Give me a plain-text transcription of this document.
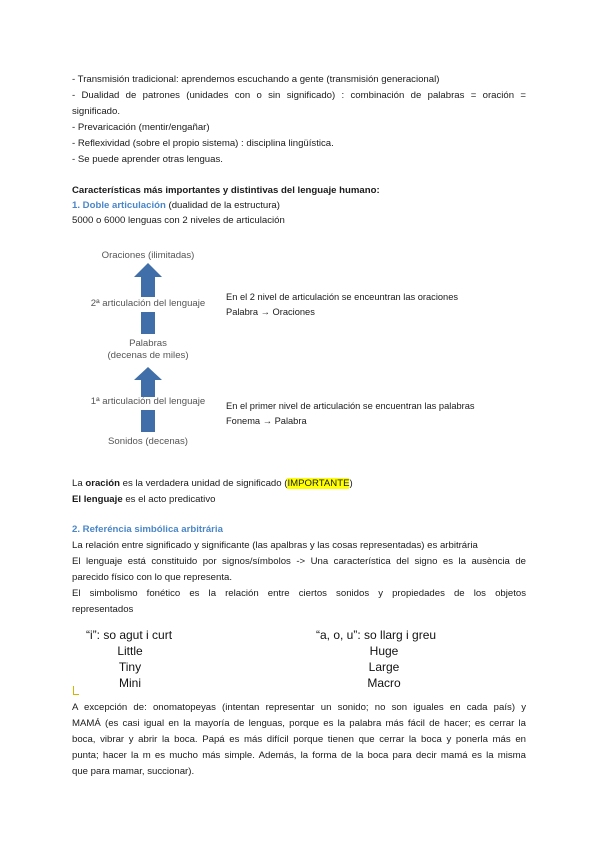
- Transmisión tradicional: aprendemos escuchando a gente (transmisión generacional)
- Dualidad de patrones (unidades con o sin significado) : combinación de palabras = oración =
significado.
- Prevaricación (mentir/engañar)
- Reflexividad (sobre el propio sistema) : disciplina lingüística.
- Se puede aprender otras lenguas.
Características más importantes y distintivas del lenguaje humano:
1. Doble articulación (dualidad de la estructura)
5000 o 6000 lenguas con 2 niveles de articulación
Oraciones (ilimitadas)
2ª articulación del lenguaje
Palabras
(decenas de miles)
1ª articulación del lenguaje
Sonidos (decenas)
En el 2 nivel de articulación se enceuntran las oraciones
Palabra → Oraciones
En el primer nivel de articulación se encuentran las palabras
Fonema → Palabra
La oración es la verdadera unidad de significado (IMPORTANTE)
El lenguaje es el acto predicativo
2. Referéncia simbólica arbitrária
La relación entre significado y significante (las apalbras y las cosas representadas) es arbitrária
El lenguaje está constituido por signos/símbolos -> Una característica del signo es la ausència de
parecido físico con lo que representa.
El simbolismo fonético es la relación entre ciertos sonidos y propiedades de los objetos
representados
“i”: so agut i curt
Little
Tiny
Mini
“a, o, u”: so llarg i greu
Huge
Large
Macro
A excepción de: onomatopeyas (intentan representar un sonido; no son iguales en cada país) y
MAMÁ (es casi igual en la mayoría de lenguas, porque es la palabra más fácil de hacer; es cerrar la
boca, vibrar y abrir la boca. Papá es más difícil porque tienen que cerrar la boca y ponerla más en
punta; hacer la m es mucho más simple. Además, la forma de la boca para decir mamá es la misma
que para mamar, succionar).
